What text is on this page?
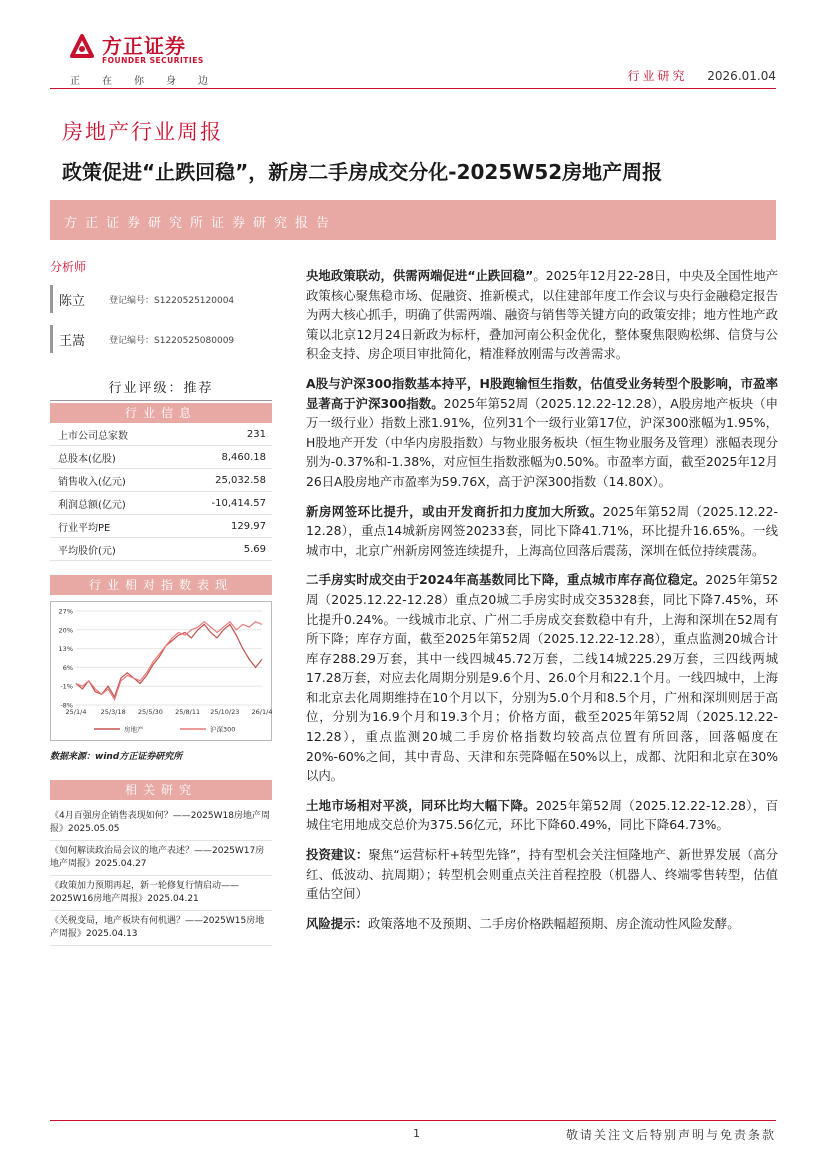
方正证券
FOUNDER SECURITIES
正在你身边	行业研究 2026.01.04
房地产行业周报
政策促进“止跌回稳”，新房二手房成交分化-2025W52房地产周报
方正证券研究所证券研究报告
分析师
陈立	登记编号：S1220525120004
王嵩	登记编号：S1220525080009
行业评级：推荐
行业信息
上市公司总家数	231
总股本(亿股)	8,460.18
销售收入(亿元)	25,032.58
利润总额(亿元)	-10,414.57
行业平均PE	129.97
平均股价(元)	5.69
行业相对指数表现
27%
20%
13%
6%
-1%
-8%
25/1/4 25/3/18 25/5/30 25/8/11 25/10/23 26/1/4
房地产	沪深300
数据来源：wind方正证券研究所
相关研究
《4月百强房企销售表现如何？——2025W18房地产周报》2025.05.05
《如何解读政治局会议的地产表述？——2025W17房地产周报》2025.04.27
《政策加力预期再起，新一轮修复行情启动——2025W16房地产周报》2025.04.21
《关税变局，地产板块有何机遇？——2025W15房地产周报》2025.04.13

央地政策联动，供需两端促进“止跌回稳”。2025年12月22-28日，中央及全国性地产政策核心聚焦稳市场、促融资、推新模式，以住建部年度工作会议与央行金融稳定报告为两大核心抓手，明确了供需两端、融资与销售等关键方向的政策安排；地方性地产政策以北京12月24日新政为标杆，叠加河南公积金优化，整体聚焦限购松绑、信贷与公积金支持、房企项目审批简化，精准释放刚需与改善需求。

A股与沪深300指数基本持平，H股跑输恒生指数，估值受业务转型个股影响，市盈率显著高于沪深300指数。2025年第52周（2025.12.22-12.28），A股房地产板块（申万一级行业）指数上涨1.91%，位列31个一级行业第17位，沪深300涨幅为1.95%，H股地产开发（中华内房股指数）与物业服务板块（恒生物业服务及管理）涨幅表现分别为-0.37%和-1.38%，对应恒生指数涨幅为0.50%。市盈率方面，截至2025年12月26日A股房地产市盈率为59.76X，高于沪深300指数（14.80X）。

新房网签环比提升，或由开发商折扣力度加大所致。2025年第52周（2025.12.22-12.28），重点14城新房网签20233套，同比下降41.71%，环比提升16.65%。一线城市中，北京广州新房网签连续提升，上海高位回落后震荡，深圳在低位持续震荡。

二手房实时成交由于2024年高基数同比下降，重点城市库存高位稳定。2025年第52周（2025.12.22-12.28）重点20城二手房实时成交35328套，同比下降7.45%，环比提升0.24%。一线城市北京、广州二手房成交套数稳中有升，上海和深圳在52周有所下降；库存方面，截至2025年第52周（2025.12.22-12.28），重点监测20城合计库存288.29万套，其中一线四城45.72万套，二线14城225.29万套，三四线两城17.28万套，对应去化周期分别是9.6个月、26.0个月和22.1个月。一线四城中，上海和北京去化周期维持在10个月以下，分别为5.0个月和8.5个月，广州和深圳则居于高位，分别为16.9个月和19.3个月；价格方面，截至2025年第52周（2025.12.22-12.28），重点监测20城二手房价格指数均较高点位置有所回落，回落幅度在20%-60%之间，其中青岛、天津和东莞降幅在50%以上，成都、沈阳和北京在30%以内。

土地市场相对平淡，同环比均大幅下降。2025年第52周（2025.12.22-12.28），百城住宅用地成交总价为375.56亿元，环比下降60.49%，同比下降64.73%。

投资建议：聚焦“运营标杆+转型先锋”，持有型机会关注恒隆地产、新世界发展（高分红、低波动、抗周期）；转型机会则重点关注首程控股（机器人、终端零售转型，估值重估空间）

风险提示：政策落地不及预期、二手房价格跌幅超预期、房企流动性风险发酵。

1	敬请关注文后特别声明与免责条款
